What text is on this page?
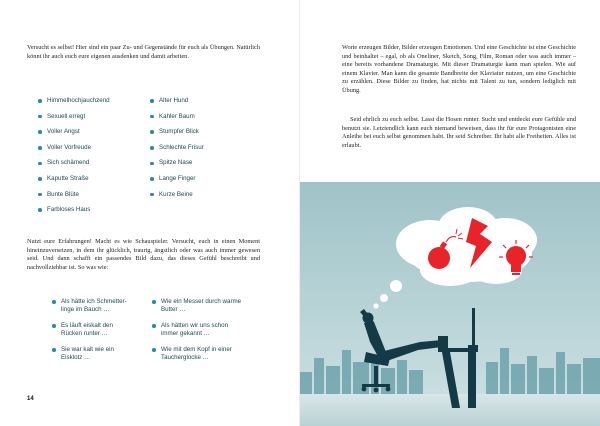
Versucht es selbst! Hier sind ein paar Zu- und Gegenstände für euch als Übungen. Natürlich könnt ihr auch euch eure eigenen ausdenken und damit arbeiten.

Himmelhochjauchzend
Sexuell erregt
Voller Angst
Voller Vorfreude
Sich schämend
Kaputte Straße
Bunte Blüte
Farbloses Haus
Alter Hund
Kahler Baum
Stumpfer Blick
Schlechte Frisur
Spitze Nase
Lange Finger
Kurze Beine

Nutzt eure Erfahrungen! Macht es wie Schauspieler. Versucht, euch in einen Moment hineinzuversetzen, in dem ihr glücklich, traurig, ängstlich oder was auch immer gewesen seid. Und dann schafft ein passendes Bild dazu, das dieses Gefühl beschreibt und nachvollziehbar ist. So was wie:

Als hätte ich Schmetter- linge im Bauch …
Es läuft eiskalt den Rücken runter …
Sie war kalt wie ein Eisklotz …
Wie ein Messer durch warme Butter …
Als hätten wir uns schon immer gekannt …
Wie mit dem Kopf in einer Taucherglocke …
14

Worte erzeugen Bilder, Bilder erzeugen Emotionen. Und eine Geschichte ist eine Geschichte und beinhaltet – egal, ob als Oneliner, Sketch, Song, Film, Roman oder was auch immer – eine bereits vorhandene Dramaturgie. Mit dieser Dramaturgie kann man spielen. Wie auf einem Klavier. Man kann die gesamte Bandbreite der Klaviatur nutzen, um eine Geschichte zu erzählen. Diese Bilder zu finden, hat nichts mit Talent zu tun, sondern lediglich mit Übung.

Seid ehrlich zu euch selbst. Lasst die Hosen runter. Sucht und entdeckt eure Gefühle und benutzt sie. Letztendlich kann euch niemand beweisen, dass ihr für eure Protagonisten eine Anleihe bei euch selbst genommen habt. Ihr seid Schreiber. Ihr habt alle Freiheiten. Alles ist erlaubt.
